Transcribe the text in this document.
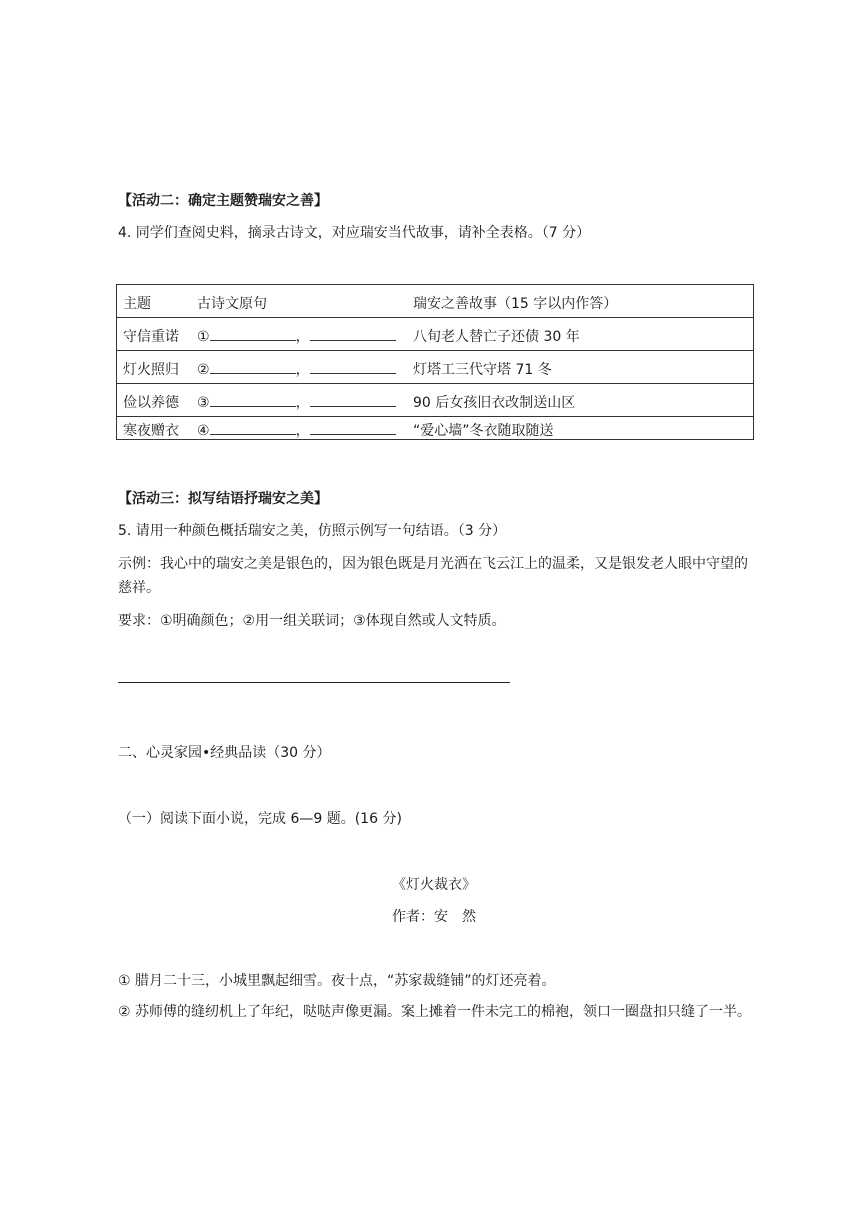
【活动二：确定主题赞瑞安之善】
4. 同学们查阅史料，摘录古诗文，对应瑞安当代故事，请补全表格。（7 分）
主题	古诗文原句	瑞安之善故事（15 字以内作答）

守信重诺 ①	，	八旬老人替亡子还债 30 年

灯火照归 ②	，	灯塔工三代守塔 71 冬

俭以养德 ③	，	90 后女孩旧衣改制送山区

寒夜赠衣 ④	，	“爱心墙”冬衣随取随送
【活动三：拟写结语抒瑞安之美】
5. 请用一种颜色概括瑞安之美，仿照示例写一句结语。（3 分）
示例：我心中的瑞安之美是银色的，因为银色既是月光洒在飞云江上的温柔，又是银发老人眼中守望的慈祥。
要求：①明确颜色；②用一组关联词；③体现自然或人文特质。
二、心灵家园•经典品读（30 分）
（一）阅读下面小说，完成 6—9 题。(16 分)
《灯火裁衣》
作者：安　然
① 腊月二十三，小城里飘起细雪。夜十点，“苏家裁缝铺”的灯还亮着。
② 苏师傅的缝纫机上了年纪，哒哒声像更漏。案上摊着一件未完工的棉袍，领口一圈盘扣只缝了一半。
